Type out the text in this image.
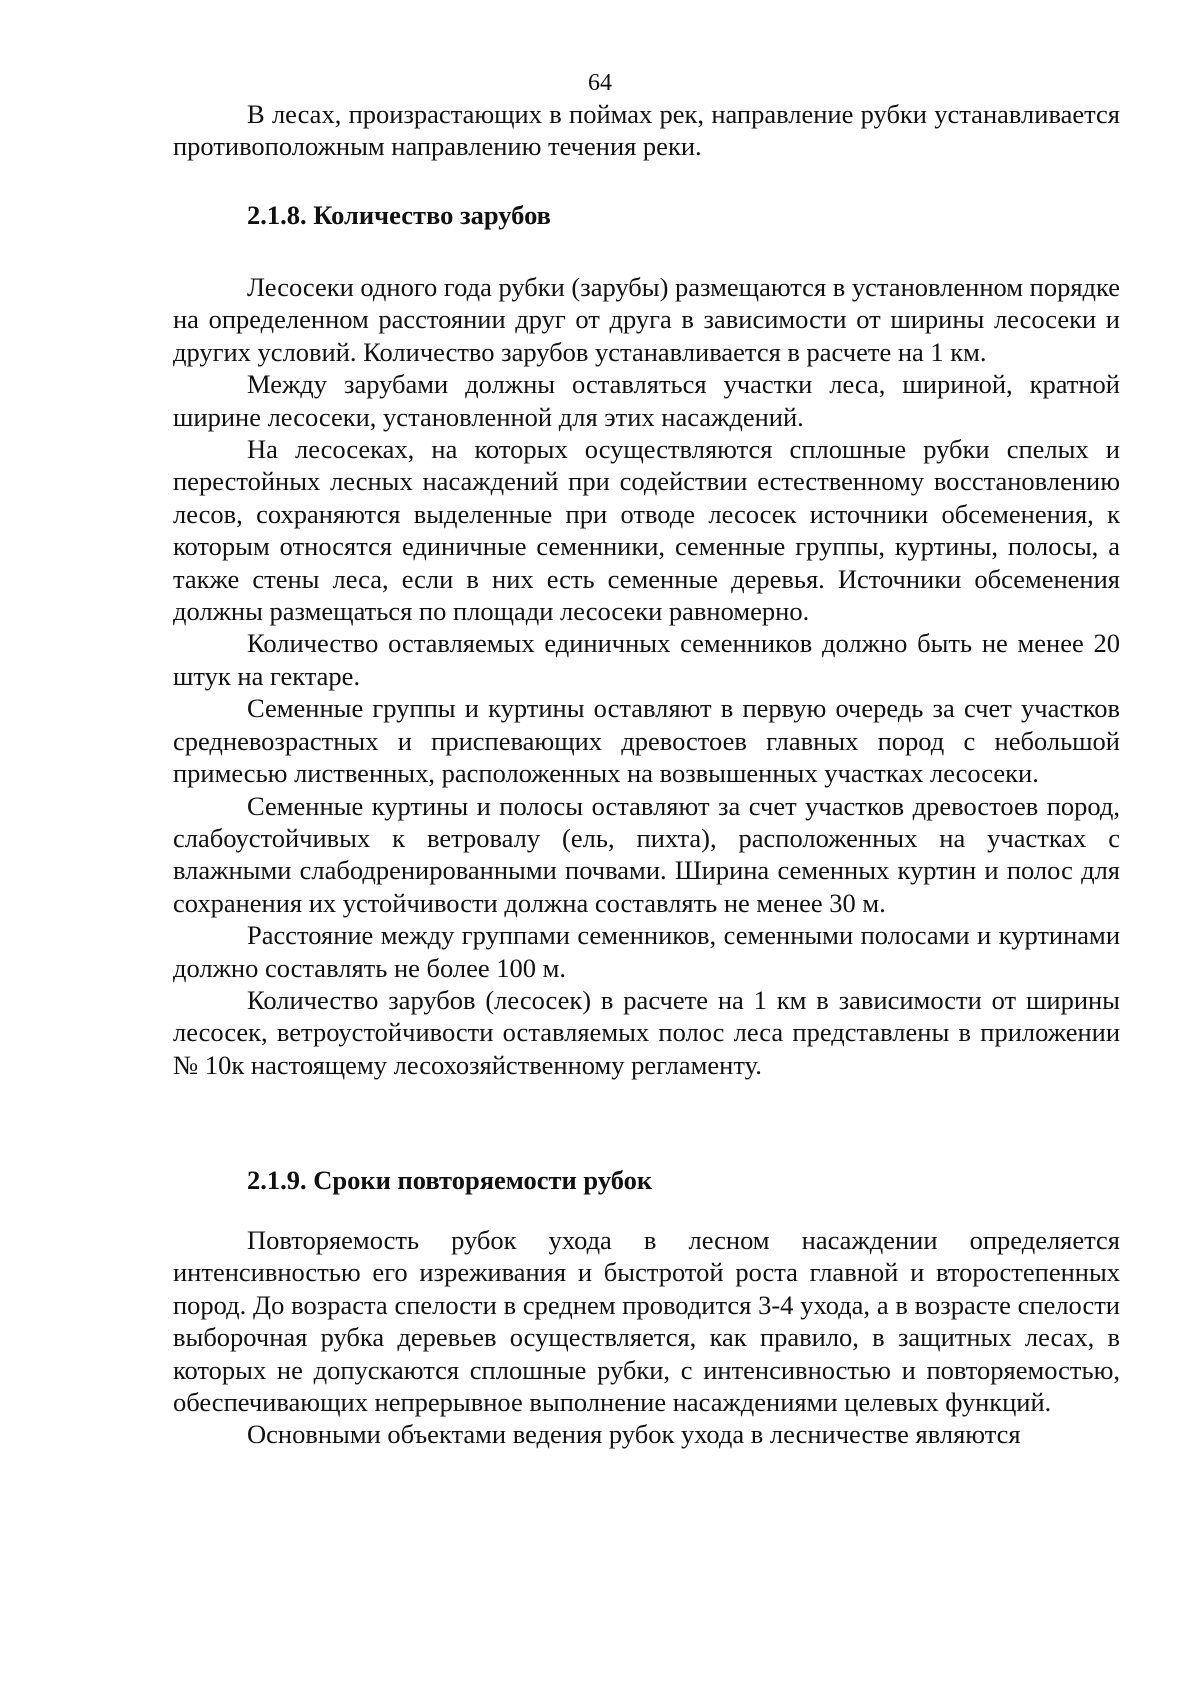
64

В лесах, произрастающих в поймах рек, направление рубки устанавливается противоположным направлению течения реки.

2.1.8. Количество зарубов

Лесосеки одного года рубки (зарубы) размещаются в установленном порядке на определенном расстоянии друг от друга в зависимости от ширины лесосеки и других условий. Количество зарубов устанавливается в расчете на 1 км.

Между зарубами должны оставляться участки леса, шириной, кратной ширине лесосеки, установленной для этих насаждений.

На лесосеках, на которых осуществляются сплошные рубки спелых и перестойных лесных насаждений при содействии естественному восстановлению лесов, сохраняются выделенные при отводе лесосек источники обсеменения, к которым относятся единичные семенники, семенные группы, куртины, полосы, а также стены леса, если в них есть семенные деревья. Источники обсеменения должны размещаться по площади лесосеки равномерно.

Количество оставляемых единичных семенников должно быть не менее 20 штук на гектаре.

Семенные группы и куртины оставляют в первую очередь за счет участков средневозрастных и приспевающих древостоев главных пород с небольшой примесью лиственных, расположенных на возвышенных участках лесосеки.

Семенные куртины и полосы оставляют за счет участков древостоев пород, слабоустойчивых к ветровалу (ель, пихта), расположенных на участках с влажными слабодренированными почвами. Ширина семенных куртин и полос для сохранения их устойчивости должна составлять не менее 30 м.

Расстояние между группами семенников, семенными полосами и куртинами должно составлять не более 100 м.

Количество зарубов (лесосек) в расчете на 1 км в зависимости от ширины лесосек, ветроустойчивости оставляемых полос леса представлены в приложении № 10к настоящему лесохозяйственному регламенту.

2.1.9. Сроки повторяемости рубок

Повторяемость рубок ухода в лесном насаждении определяется интенсивностью его изреживания и быстротой роста главной и второстепенных пород. До возраста спелости в среднем проводится 3-4 ухода, а в возрасте спелости выборочная рубка деревьев осуществляется, как правило, в защитных лесах, в которых не допускаются сплошные рубки, с интенсивностью и повторяемостью, обеспечивающих непрерывное выполнение насаждениями целевых функций.

Основными объектами ведения рубок ухода в лесничестве являются
